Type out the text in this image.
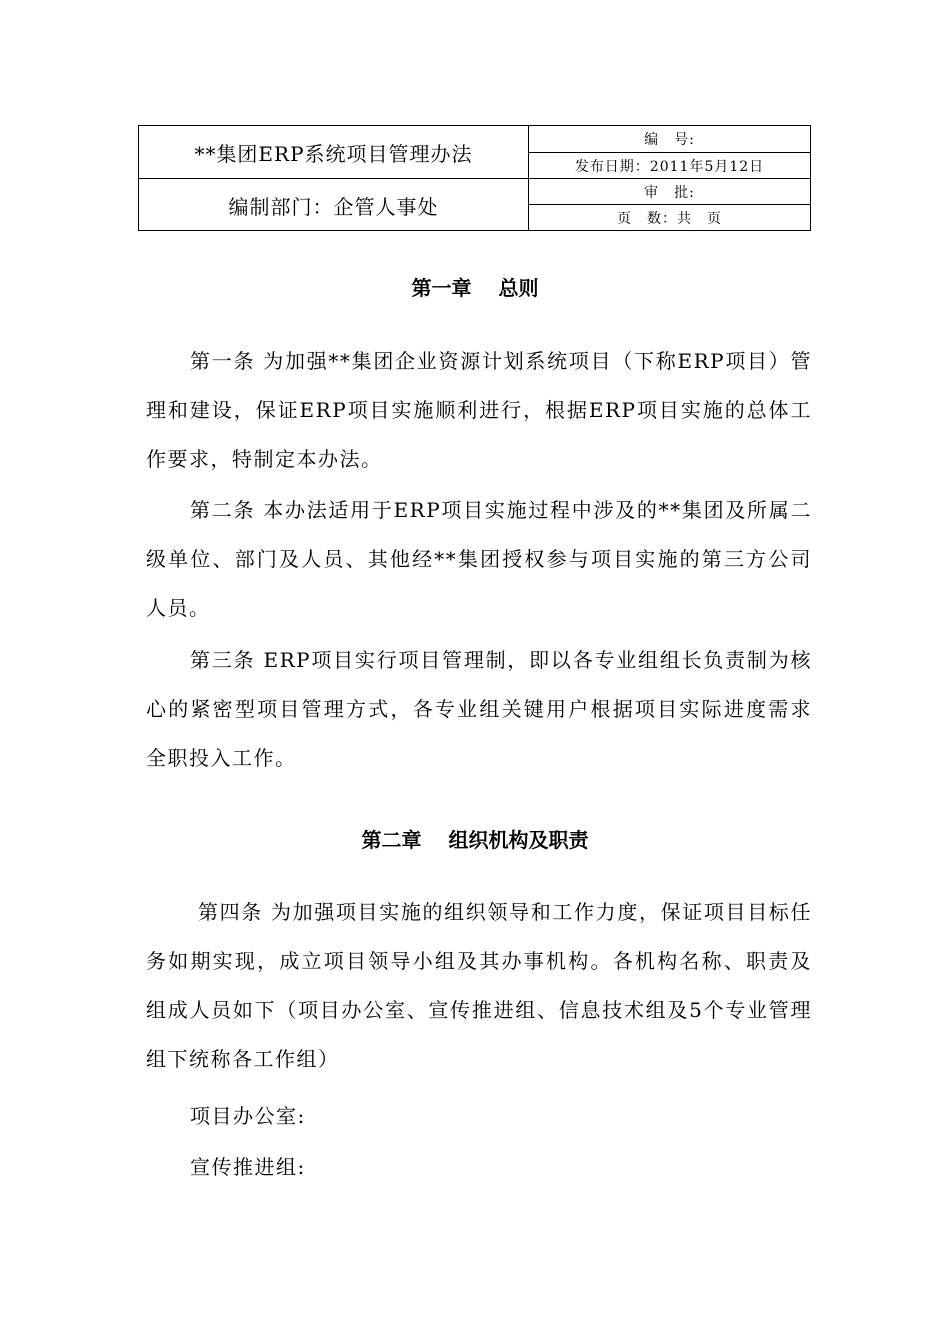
**集团ERP系统项目管理办法
编制部门：企管人事处
编　号:
发布日期：2011年5月12日
审　批:
页　数：共　页
第一章　 总则

第一条 为加强**集团企业资源计划系统项目（下称ERP项目）管理和建设，保证ERP项目实施顺利进行，根据ERP项目实施的总体工作要求，特制定本办法。

第二条 本办法适用于ERP项目实施过程中涉及的**集团及所属二级单位、部门及人员、其他经**集团授权参与项目实施的第三方公司人员。

第三条 ERP项目实行项目管理制，即以各专业组组长负责制为核心的紧密型项目管理方式，各专业组关键用户根据项目实际进度需求全职投入工作。

第二章　 组织机构及职责

第四条 为加强项目实施的组织领导和工作力度，保证项目目标任务如期实现，成立项目领导小组及其办事机构。各机构名称、职责及组成人员如下（项目办公室、宣传推进组、信息技术组及5个专业管理组下统称各工作组）

项目办公室:
宣传推进组:
